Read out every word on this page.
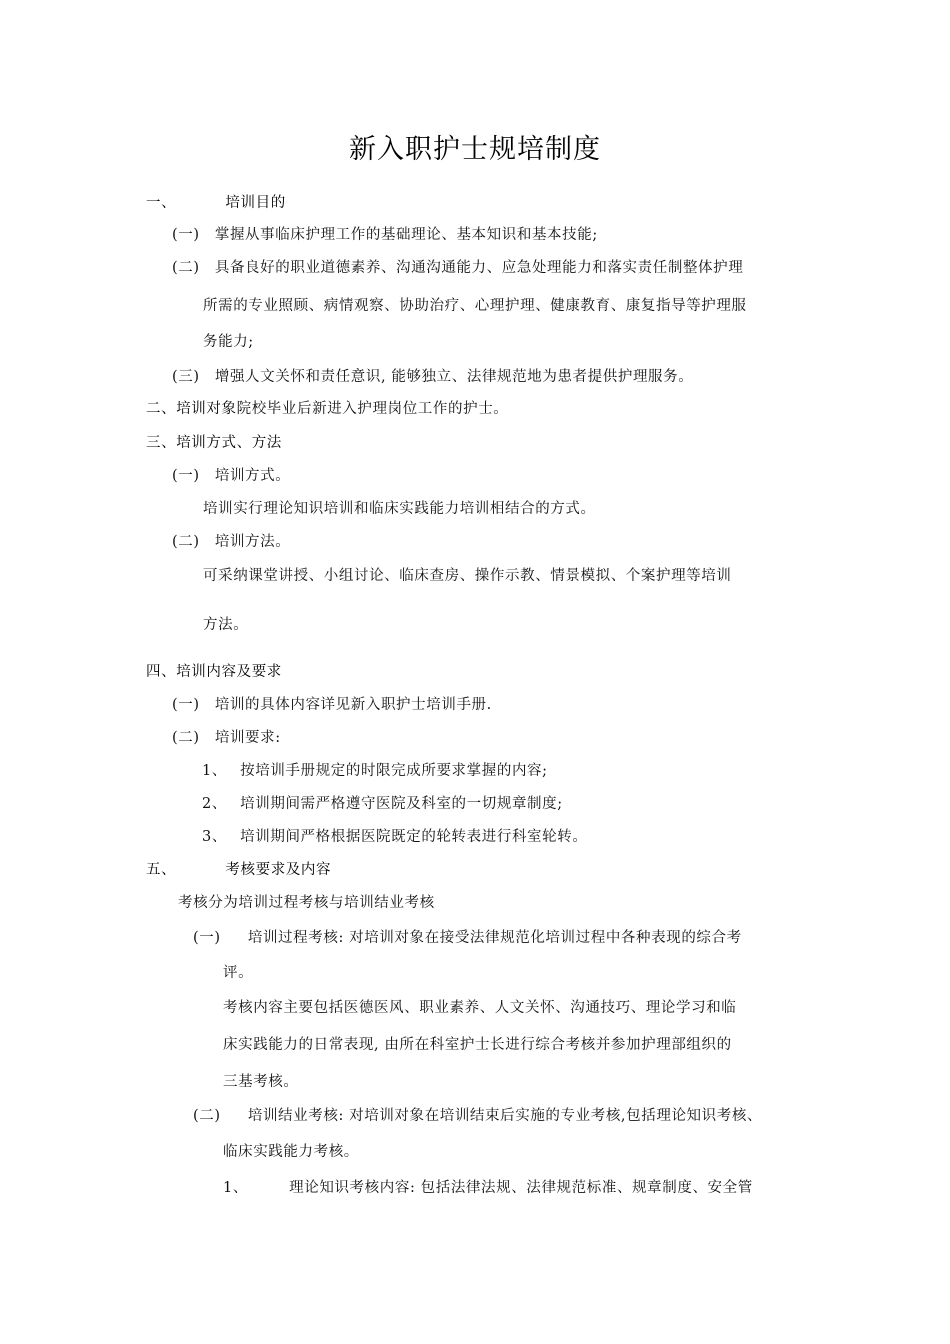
新入职护士规培制度
一、	培训目的
(一) 掌握从事临床护理工作的基础理论、基本知识和基本技能;
(二) 具备良好的职业道德素养、沟通沟通能力、应急处理能力和落实责任制整体护理
所需的专业照顾、病情观察、协助治疗、心理护理、健康教育、康复指导等护理服
务能力;
(三) 增强人文关怀和责任意识, 能够独立、法律规范地为患者提供护理服务。
二、培训对象院校毕业后新进入护理岗位工作的护士。
三、培训方式、方法
(一) 培训方式。
培训实行理论知识培训和临床实践能力培训相结合的方式。
(二) 培训方法。
可采纳课堂讲授、小组讨论、临床查房、操作示教、情景模拟、个案护理等培训
方法。
四、培训内容及要求
(一) 培训的具体内容详见新入职护士培训手册.
(二) 培训要求:
1、 按培训手册规定的时限完成所要求掌握的内容;
2、 培训期间需严格遵守医院及科室的一切规章制度;
3、 培训期间严格根据医院既定的轮转表进行科室轮转。
五、	考核要求及内容
考核分为培训过程考核与培训结业考核
(一) 培训过程考核: 对培训对象在接受法律规范化培训过程中各种表现的综合考
评。
考核内容主要包括医德医风、职业素养、人文关怀、沟通技巧、理论学习和临
床实践能力的日常表现, 由所在科室护士长进行综合考核并参加护理部组织的
三基考核。
(二) 培训结业考核: 对培训对象在培训结束后实施的专业考核,包括理论知识考核、
临床实践能力考核。
1、	理论知识考核内容: 包括法律法规、法律规范标准、规章制度、安全管
